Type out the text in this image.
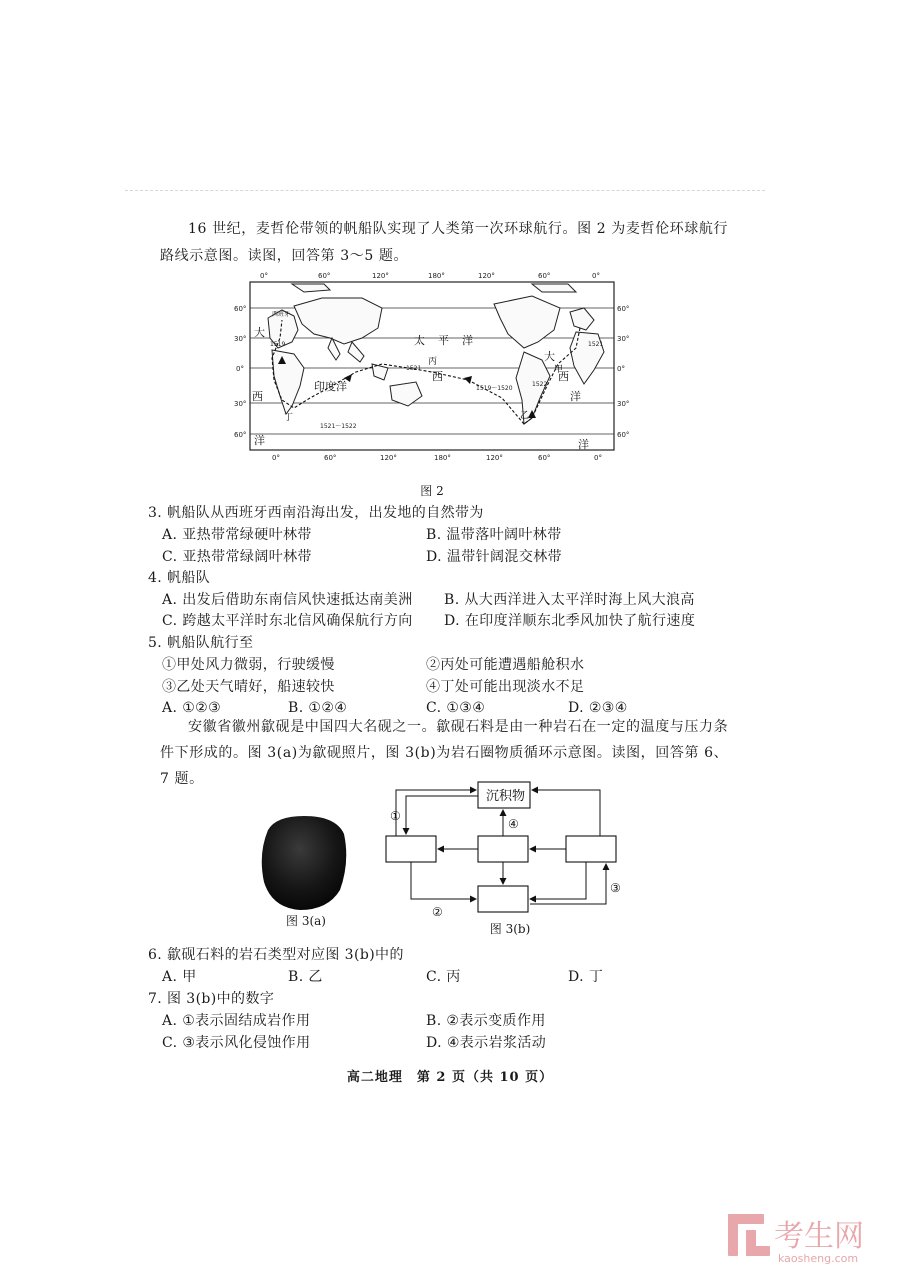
16 世纪，麦哲伦带领的帆船队实现了人类第一次环球航行。图 2 为麦哲伦环球航行路线示意图。读图，回答第 3～5 题。
0°	60°	120°	180°	120°	60°	0°
0°	60°	120°	180°	120°	60°	0°
60°
30°
0°
30°
60°
60°
30°
0°
30°
60°
太 平 洋
大
西
洋
印度洋
西
洋
大
西
洋
西班牙
甲
乙
丙
丁
1519
1521
1521～1522
1519～1520
1522
1521
图 2
3. 帆船队从西班牙西南沿海出发，出发地的自然带为
A. 亚热带常绿硬叶林带	B. 温带落叶阔叶林带
C. 亚热带常绿阔叶林带	D. 温带针阔混交林带
4. 帆船队
A. 出发后借助东南信风快速抵达南美洲 B. 从大西洋进入太平洋时海上风大浪高
C. 跨越太平洋时东北信风确保航行方向 D. 在印度洋顺东北季风加快了航行速度
5. 帆船队航行至
①甲处风力微弱，行驶缓慢	②丙处可能遭遇船舱积水
③乙处天气晴好，船速较快	④丁处可能出现淡水不足
A. ①②③	B. ①②④	C. ①③④	D. ②③④
安徽省徽州歙砚是中国四大名砚之一。歙砚石料是由一种岩石在一定的温度与压力条件下形成的。图 3(a)为歙砚照片，图 3(b)为岩石圈物质循环示意图。读图，回答第 6、7 题。
图 3(a)
沉积物
①
②
③
④
图 3(b)
6. 歙砚石料的岩石类型对应图 3(b)中的
A. 甲	B. 乙	C. 丙	D. 丁
7. 图 3(b)中的数字
A. ①表示固结成岩作用	B. ②表示变质作用
C. ③表示风化侵蚀作用	D. ④表示岩浆活动
高二地理　第 2 页（共 10 页）
考生网
kaosheng.com
